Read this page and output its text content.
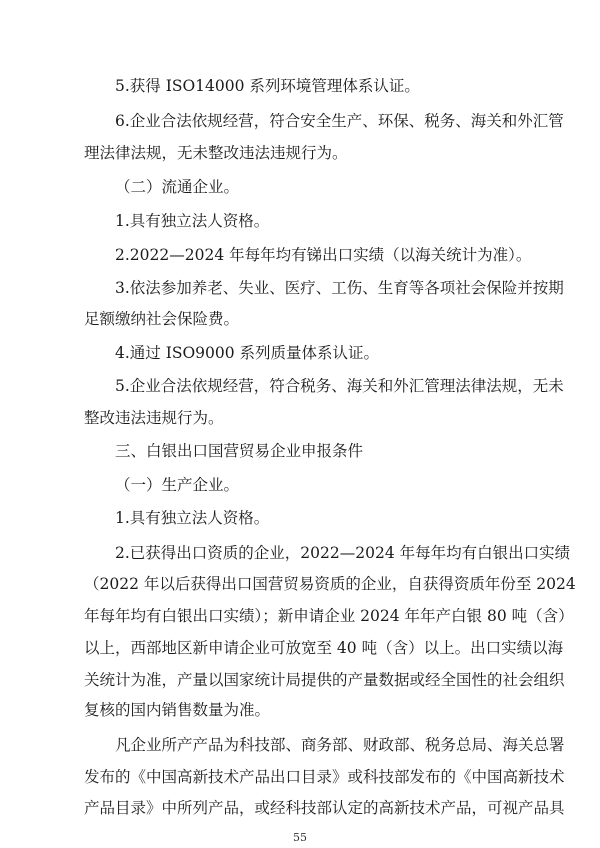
5.获得 ISO14000 系列环境管理体系认证。
6.企业合法依规经营，符合安全生产、环保、税务、海关和外汇管
理法律法规，无未整改违法违规行为。
（二）流通企业。
1.具有独立法人资格。
2.2022—2024 年每年均有锑出口实绩（以海关统计为准）。
3.依法参加养老、失业、医疗、工伤、生育等各项社会保险并按期
足额缴纳社会保险费。
4.通过 ISO9000 系列质量体系认证。
5.企业合法依规经营，符合税务、海关和外汇管理法律法规，无未
整改违法违规行为。
三、白银出口国营贸易企业申报条件
（一）生产企业。
1.具有独立法人资格。
2.已获得出口资质的企业，2022—2024 年每年均有白银出口实绩
（2022 年以后获得出口国营贸易资质的企业，自获得资质年份至 2024
年每年均有白银出口实绩）；新申请企业 2024 年年产白银 80 吨（含）
以上，西部地区新申请企业可放宽至 40 吨（含）以上。出口实绩以海
关统计为准，产量以国家统计局提供的产量数据或经全国性的社会组织
复核的国内销售数量为准。
凡企业所产产品为科技部、商务部、财政部、税务总局、海关总署
发布的《中国高新技术产品出口目录》或科技部发布的《中国高新技术
产品目录》中所列产品，或经科技部认定的高新技术产品，可视产品具
55
